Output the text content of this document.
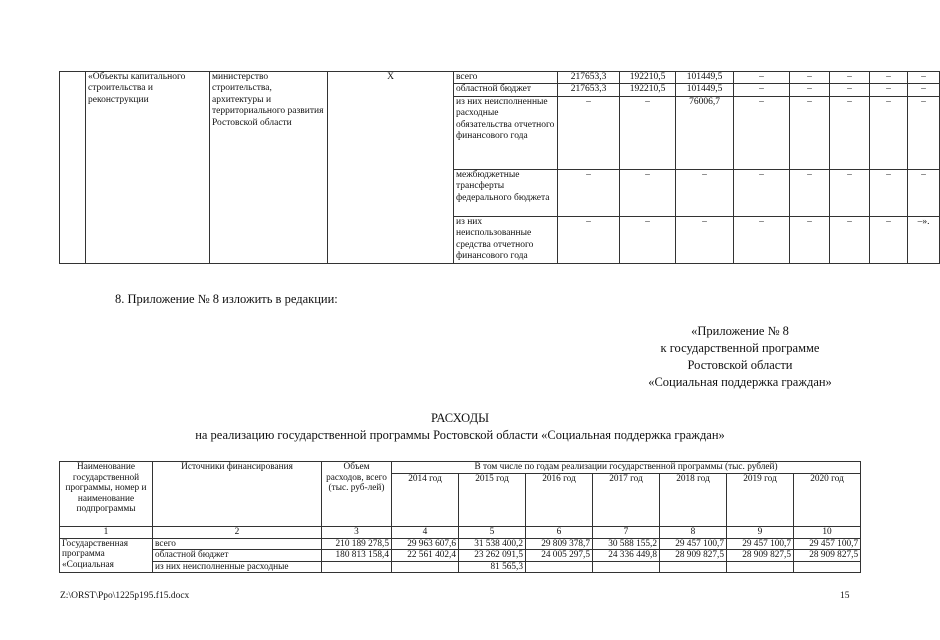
	«Объекты капитального строительства и реконструкции	министерство строительства, архитектуры и территориального развития Ростовской области	Х	всего	217653,3	192210,5	101449,5	–	–	–	–	–
				областной бюджет	217653,3	192210,5	101449,5	–	–	–	–	–
				из них неисполненные расходные обязательства отчетного финансового года	–	–	76006,7	–	–	–	–	–
				межбюджетные трансферты федерального бюджета	–	–	–	–	–	–	–	–
				из них неиспользованные средства отчетного финансового года	–	–	–	–	–	–	–	–».
8. Приложение № 8 изложить в редакции:
«Приложение № 8
к государственной программе
Ростовской области
«Социальная поддержка граждан»
РАСХОДЫ
на реализацию государственной программы Ростовской области «Социальная поддержка граждан»
Наименование государственной программы, номер и наименование подпрограммы	Источники финансирования	Объем расходов, всего (тыс. руб-лей)	В том числе по годам реализации государственной программы (тыс. рублей)						
			2014 год	2015 год	2016 год	2017 год	2018 год	2019 год	2020 год
1	2	3	4	5	6	7	8	9	10
Государственная программа «Социальная	всего	210 189 278,5	29 963 607,6	31 538 400,2	29 809 378,7	30 588 155,2	29 457 100,7	29 457 100,7	29 457 100,7
	областной бюджет	180 813 158,4	22 561 402,4	23 262 091,5	24 005 297,5	24 336 449,8	28 909 827,5	28 909 827,5	28 909 827,5
	из них неисполненные расходные			81 565,3					
Z:\ORST\Ppo\1225p195.f15.docx	15
